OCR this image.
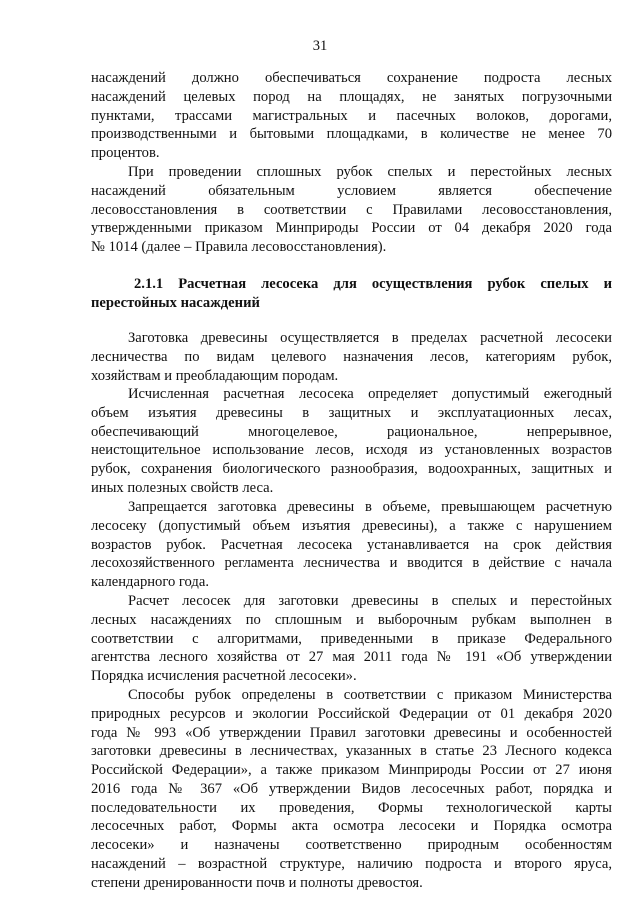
31
насаждений должно обеспечиваться сохранение подроста лесных
насаждений целевых пород на площадях, не занятых погрузочными
пунктами, трассами магистральных и пасечных волоков, дорогами,
производственными и бытовыми площадками, в количестве не менее 70
процентов.
При проведении сплошных рубок спелых и перестойных лесных
насаждений обязательным условием является обеспечение
лесовосстановления в соответствии с Правилами лесовосстановления,
утвержденными приказом Минприроды России от 04 декабря 2020 года
№ 1014 (далее – Правила лесовосстановления).
2.1.1 Расчетная лесосека для осуществления рубок спелых и
перестойных насаждений
Заготовка древесины осуществляется в пределах расчетной лесосеки
лесничества по видам целевого назначения лесов, категориям рубок,
хозяйствам и преобладающим породам.
Исчисленная расчетная лесосека определяет допустимый ежегодный
объем изъятия древесины в защитных и эксплуатационных лесах,
обеспечивающий многоцелевое, рациональное, непрерывное,
неистощительное использование лесов, исходя из установленных возрастов
рубок, сохранения биологического разнообразия, водоохранных, защитных и
иных полезных свойств леса.
Запрещается заготовка древесины в объеме, превышающем расчетную
лесосеку (допустимый объем изъятия древесины), а также с нарушением
возрастов рубок. Расчетная лесосека устанавливается на срок действия
лесохозяйственного регламента лесничества и вводится в действие с начала
календарного года.
Расчет лесосек для заготовки древесины в спелых и перестойных
лесных насаждениях по сплошным и выборочным рубкам выполнен в
соответствии с алгоритмами, приведенными в приказе Федерального
агентства лесного хозяйства от 27 мая 2011 года № 191 «Об утверждении
Порядка исчисления расчетной лесосеки».
Способы рубок определены в соответствии с приказом Министерства
природных ресурсов и экологии Российской Федерации от 01 декабря 2020
года № 993 «Об утверждении Правил заготовки древесины и особенностей
заготовки древесины в лесничествах, указанных в статье 23 Лесного кодекса
Российской Федерации», а также приказом Минприроды России от 27 июня
2016 года № 367 «Об утверждении Видов лесосечных работ, порядка и
последовательности их проведения, Формы технологической карты
лесосечных работ, Формы акта осмотра лесосеки и Порядка осмотра
лесосеки» и назначены соответственно природным особенностям
насаждений – возрастной структуре, наличию подроста и второго яруса,
степени дренированности почв и полноты древостоя.
